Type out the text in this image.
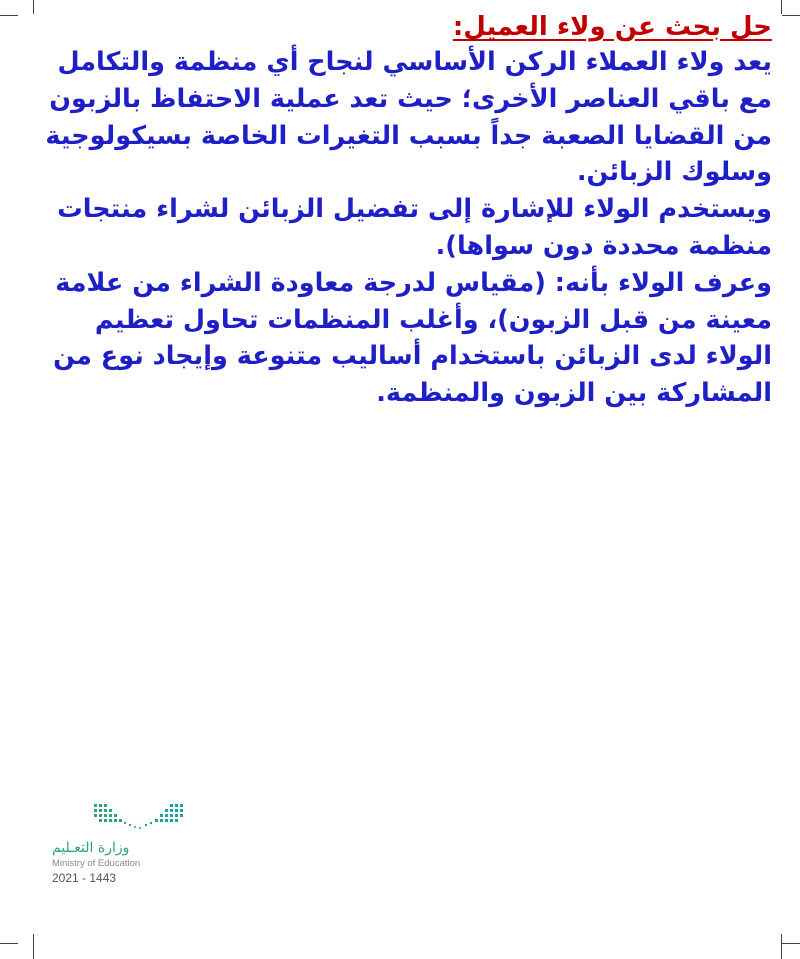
حل بحث عن ولاء العميل:

يعد ولاء العملاء الركن الأساسي لنجاح أي منظمة والتكامل مع باقي العناصر الأخرى؛ حيث تعد عملية الاحتفاظ بالزبون من القضايا الصعبة جداً بسبب التغيرات الخاصة بسيكولوجية وسلوك الزبائن.

ويستخدم الولاء للإشارة إلى تفضيل الزبائن لشراء منتجات منظمة محددة دون سواها).

وعرف الولاء بأنه: (مقياس لدرجة معاودة الشراء من علامة معينة من قبل الزبون)، وأغلب المنظمات تحاول تعظيم الولاء لدى الزبائن باستخدام أساليب متنوعة وإيجاد نوع من المشاركة بين الزبون والمنظمة.

وزارة التعـليم
Ministry of Education
2021 - 1443
